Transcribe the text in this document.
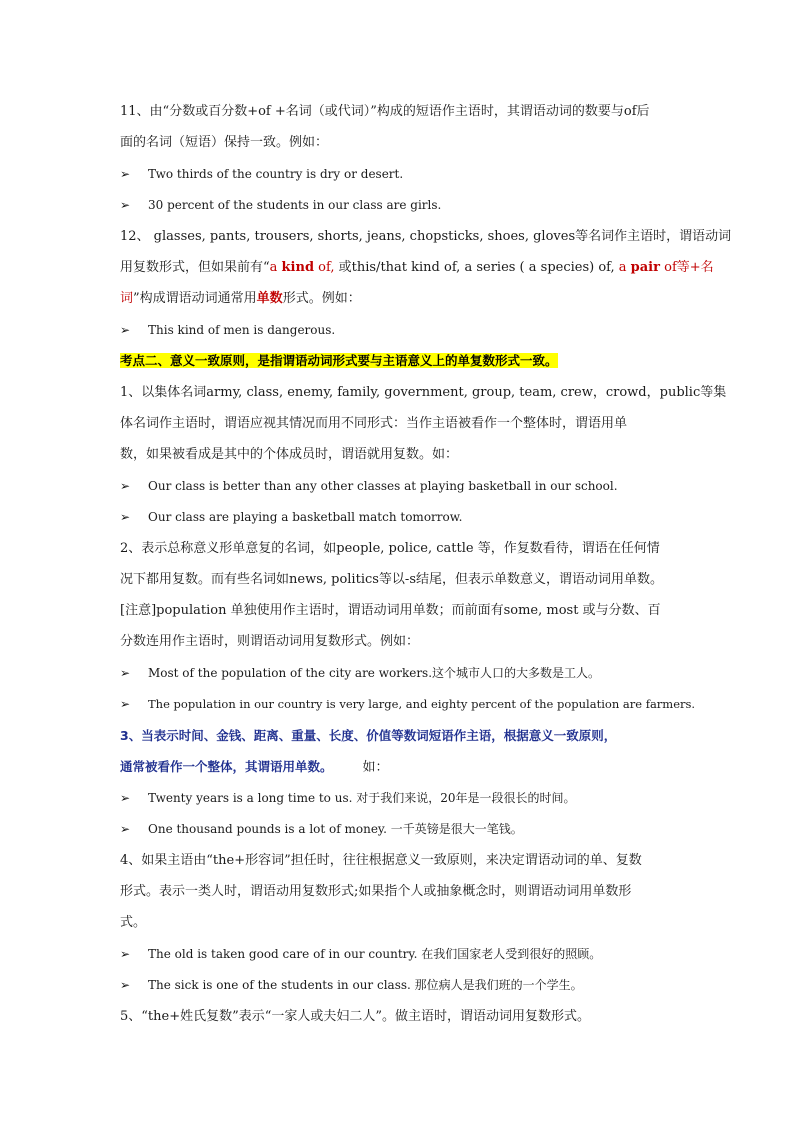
11、由“分数或百分数+of +名词（或代词）”构成的短语作主语时，其谓语动词的数要与of后
面的名词（短语）保持一致。例如：
➢	Two thirds of the country is dry or desert.
➢	30 percent of the students in our class are girls.
12、 glasses, pants, trousers, shorts, jeans, chopsticks, shoes, gloves等名词作主语时，谓语动词
用复数形式，但如果前有“a kind of, 或this/that kind of, a series ( a species) of, a pair of等+名
词”构成谓语动词通常用单数形式。例如：
➢	This kind of men is dangerous.
考点二、意义一致原则，是指谓语动词形式要与主语意义上的单复数形式一致。
1、以集体名词army, class, enemy, family, government, group, team, crew，crowd，public等集
体名词作主语时，谓语应视其情况而用不同形式：当作主语被看作一个整体时，谓语用单
数，如果被看成是其中的个体成员时，谓语就用复数。如：
➢	Our class is better than any other classes at playing basketball in our school.
➢	Our class are playing a basketball match tomorrow.
2、表示总称意义形单意复的名词，如people, police, cattle 等，作复数看待，谓语在任何情
况下都用复数。而有些名词如news, politics等以-s结尾，但表示单数意义，谓语动词用单数。
[注意]population 单独使用作主语时，谓语动词用单数；而前面有some, most 或与分数、百
分数连用作主语时，则谓语动词用复数形式。例如：
➢	Most of the population of the city are workers.这个城市人口的大多数是工人。
➢	The population in our country is very large, and eighty percent of the population are farmers.
3、当表示时间、金钱、距离、重量、长度、价值等数词短语作主语，根据意义一致原则，
通常被看作一个整体，其谓语用单数。 如：
➢	Twenty years is a long time to us. 对于我们来说，20年是一段很长的时间。
➢	One thousand pounds is a lot of money. 一千英镑是很大一笔钱。
4、如果主语由“the+形容词”担任时，往往根据意义一致原则，来决定谓语动词的单、复数
形式。表示一类人时，谓语动用复数形式;如果指个人或抽象概念时，则谓语动词用单数形
式。
➢	The old is taken good care of in our country. 在我们国家老人受到很好的照顾。
➢	The sick is one of the students in our class. 那位病人是我们班的一个学生。
5、“the+姓氏复数”表示“一家人或夫妇二人”。做主语时，谓语动词用复数形式。
